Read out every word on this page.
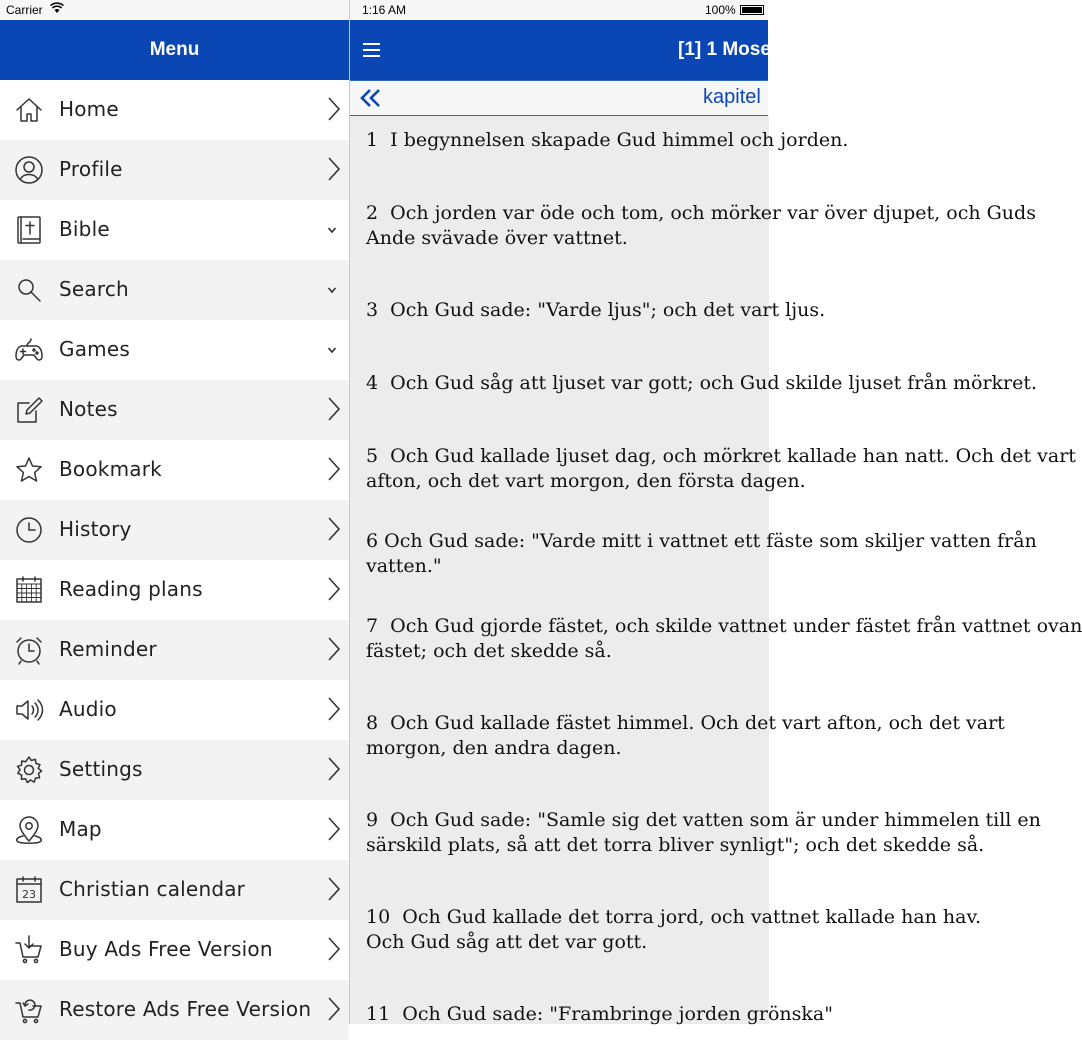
Carrier
Menu
Home
Profile
Bible
Search
Games
Notes
Bookmark
History
Reading plans
Reminder
Audio
Settings
Map
23 Christian calendar
Buy Ads Free Version
Restore Ads Free Version
1:16 AM	100%
[1] 1 Moseboken
kapitel
1  I begynnelsen skapade Gud himmel och jorden.
2  Och jorden var öde och tom, och mörker var över djupet, och Guds
Ande svävade över vattnet.
3  Och Gud sade: "Varde ljus"; och det vart ljus.
4  Och Gud såg att ljuset var gott; och Gud skilde ljuset från mörkret.
5  Och Gud kallade ljuset dag, och mörkret kallade han natt. Och det vart
afton, och det vart morgon, den första dagen.
6 Och Gud sade: "Varde mitt i vattnet ett fäste som skiljer vatten från
vatten."
7  Och Gud gjorde fästet, och skilde vattnet under fästet från vattnet ovan
fästet; och det skedde så.
8  Och Gud kallade fästet himmel. Och det vart afton, och det vart
morgon, den andra dagen.
9  Och Gud sade: "Samle sig det vatten som är under himmelen till en
särskild plats, så att det torra bliver synligt"; och det skedde så.
10  Och Gud kallade det torra jord, och vattnet kallade han hav.
Och Gud såg att det var gott.
11  Och Gud sade: "Frambringe jorden grönska"
